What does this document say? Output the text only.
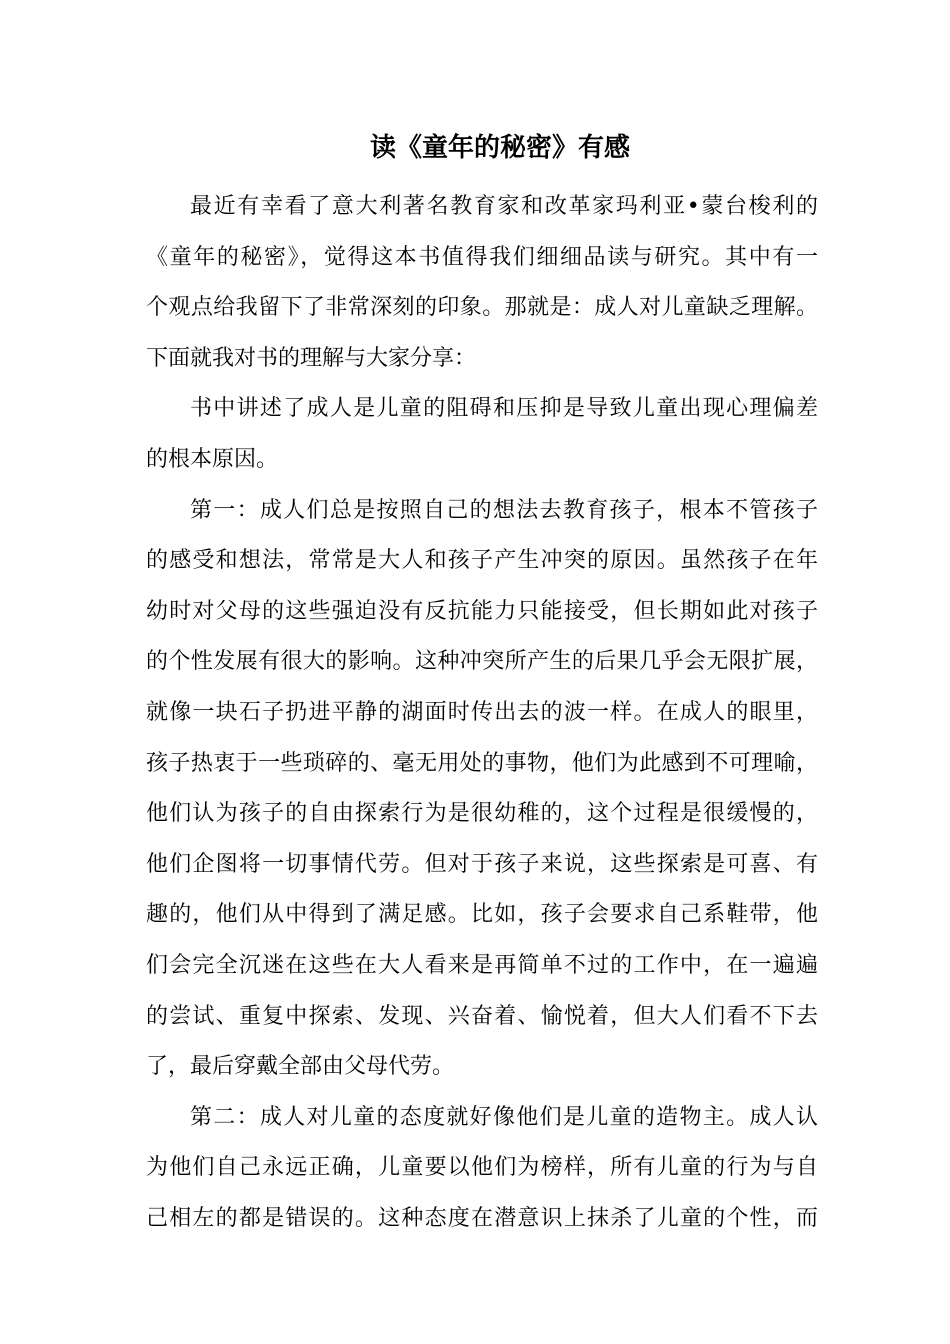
读《童年的秘密》有感

最近有幸看了意大利著名教育家和改革家玛利亚•蒙台梭利的
《童年的秘密》，觉得这本书值得我们细细品读与研究。其中有一
个观点给我留下了非常深刻的印象。那就是：成人对儿童缺乏理解。
下面就我对书的理解与大家分享：

书中讲述了成人是儿童的阻碍和压抑是导致儿童出现心理偏差
的根本原因。

第一：成人们总是按照自己的想法去教育孩子，根本不管孩子
的感受和想法，常常是大人和孩子产生冲突的原因。虽然孩子在年
幼时对父母的这些强迫没有反抗能力只能接受，但长期如此对孩子
的个性发展有很大的影响。这种冲突所产生的后果几乎会无限扩展，
就像一块石子扔进平静的湖面时传出去的波一样。在成人的眼里，
孩子热衷于一些琐碎的、毫无用处的事物，他们为此感到不可理喻，
他们认为孩子的自由探索行为是很幼稚的，这个过程是很缓慢的，
他们企图将一切事情代劳。但对于孩子来说，这些探索是可喜、有
趣的，他们从中得到了满足感。比如，孩子会要求自己系鞋带，他
们会完全沉迷在这些在大人看来是再简单不过的工作中，在一遍遍
的尝试、重复中探索、发现、兴奋着、愉悦着，但大人们看不下去
了，最后穿戴全部由父母代劳。

第二：成人对儿童的态度就好像他们是儿童的造物主。成人认
为他们自己永远正确，儿童要以他们为榜样，所有儿童的行为与自
己相左的都是错误的。这种态度在潜意识上抹杀了儿童的个性，而
